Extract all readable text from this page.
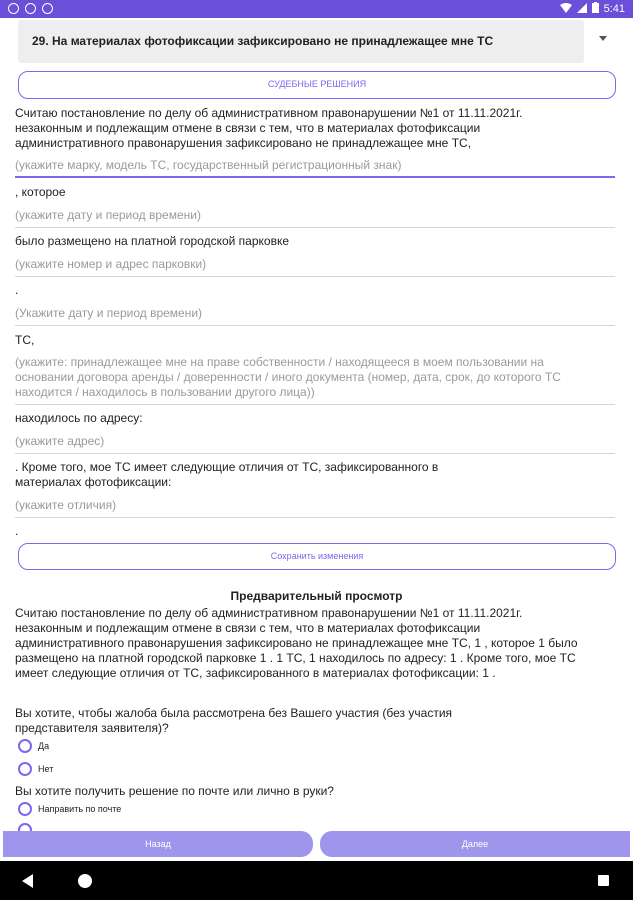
5:41
29. На материалах фотофиксации зафиксировано не принадлежащее мне ТС
СУДЕБНЫЕ РЕШЕНИЯ
Считаю постановление по делу об административном правонарушении №1 от 11.11.2021г.
незаконным и подлежащим отмене в связи с тем, что в материалах фотофиксации
административного правонарушения зафиксировано не принадлежащее мне ТС,
(укажите марку, модель ТС, государственный регистрационный знак)
, которое
(укажите дату и период времени)
было размещено на платной городской парковке
(укажите номер и адрес парковки)
.
(Укажите дату и период времени)
ТС,
(укажите: принадлежащее мне на праве собственности / находящееся в моем пользовании на
основании договора аренды / доверенности / иного документа (номер, дата, срок, до которого ТС
находится / находилось в пользовании другого лица))
находилось по адресу:
(укажите адрес)
. Кроме того, мое ТС имеет следующие отличия от ТС, зафиксированного в
материалах фотофиксации:
(укажите отличия)
.
Сохранить изменения
Предварительный просмотр
Считаю постановление по делу об административном правонарушении №1 от 11.11.2021г.
незаконным и подлежащим отмене в связи с тем, что в материалах фотофиксации
административного правонарушения зафиксировано не принадлежащее мне ТС, 1 , которое 1 было
размещено на платной городской парковке 1 . 1 ТС, 1 находилось по адресу: 1 . Кроме того, мое ТС
имеет следующие отличия от ТС, зафиксированного в материалах фотофиксации: 1 .
Вы хотите, чтобы жалоба была рассмотрена без Вашего участия (без участия
представителя заявителя)?
Да
Нет
Вы хотите получить решение по почте или лично в руки?
Направить по почте
Назад	Далее
